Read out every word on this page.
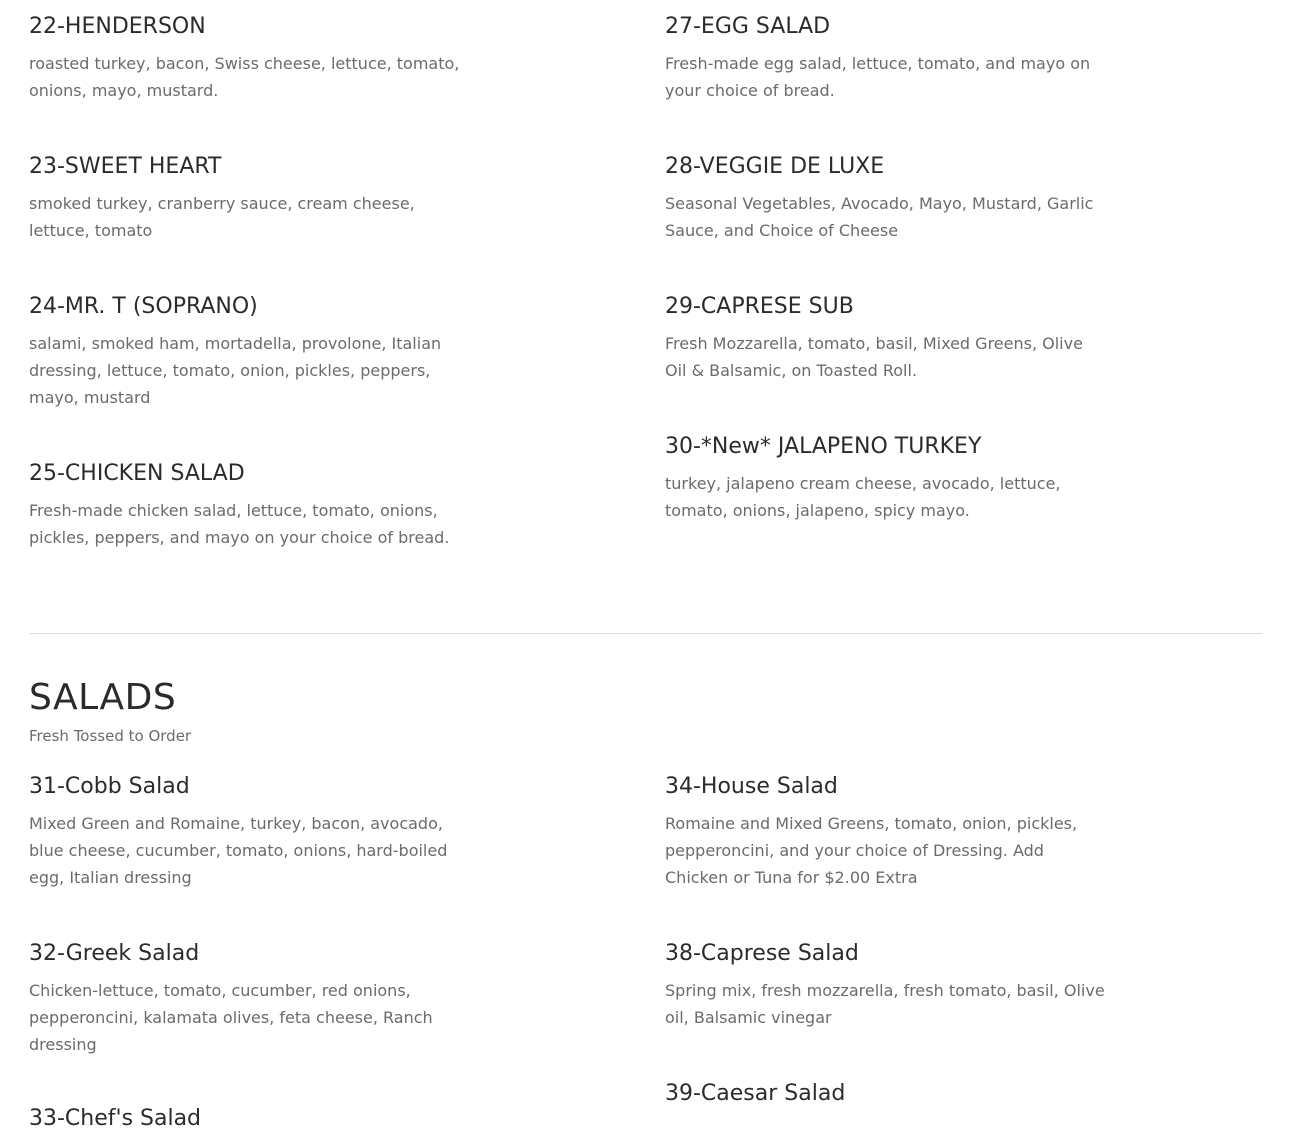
22-HENDERSON
roasted turkey, bacon, Swiss cheese, lettuce, tomato, onions, mayo, mustard.
23-SWEET HEART
smoked turkey, cranberry sauce, cream cheese, lettuce, tomato
24-MR. T (SOPRANO)
salami, smoked ham, mortadella, provolone, Italian dressing, lettuce, tomato, onion, pickles, peppers, mayo, mustard
25-CHICKEN SALAD
Fresh-made chicken salad, lettuce, tomato, onions, pickles, peppers, and mayo on your choice of bread.
27-EGG SALAD
Fresh-made egg salad, lettuce, tomato, and mayo on your choice of bread.
28-VEGGIE DE LUXE
Seasonal Vegetables, Avocado, Mayo, Mustard, Garlic Sauce, and Choice of Cheese
29-CAPRESE SUB
Fresh Mozzarella, tomato, basil, Mixed Greens, Olive Oil & Balsamic, on Toasted Roll.
30-*New* JALAPENO TURKEY
turkey, jalapeno cream cheese, avocado, lettuce, tomato, onions, jalapeno, spicy mayo.
SALADS
Fresh Tossed to Order
31-Cobb Salad
Mixed Green and Romaine, turkey, bacon, avocado, blue cheese, cucumber, tomato, onions, hard-boiled egg, Italian dressing
32-Greek Salad
Chicken-lettuce, tomato, cucumber, red onions, pepperoncini, kalamata olives, feta cheese, Ranch dressing
33-Chef's Salad
34-House Salad
Romaine and Mixed Greens, tomato, onion, pickles, pepperoncini, and your choice of Dressing. Add Chicken or Tuna for $2.00 Extra
38-Caprese Salad
Spring mix, fresh mozzarella, fresh tomato, basil, Olive oil, Balsamic vinegar
39-Caesar Salad
